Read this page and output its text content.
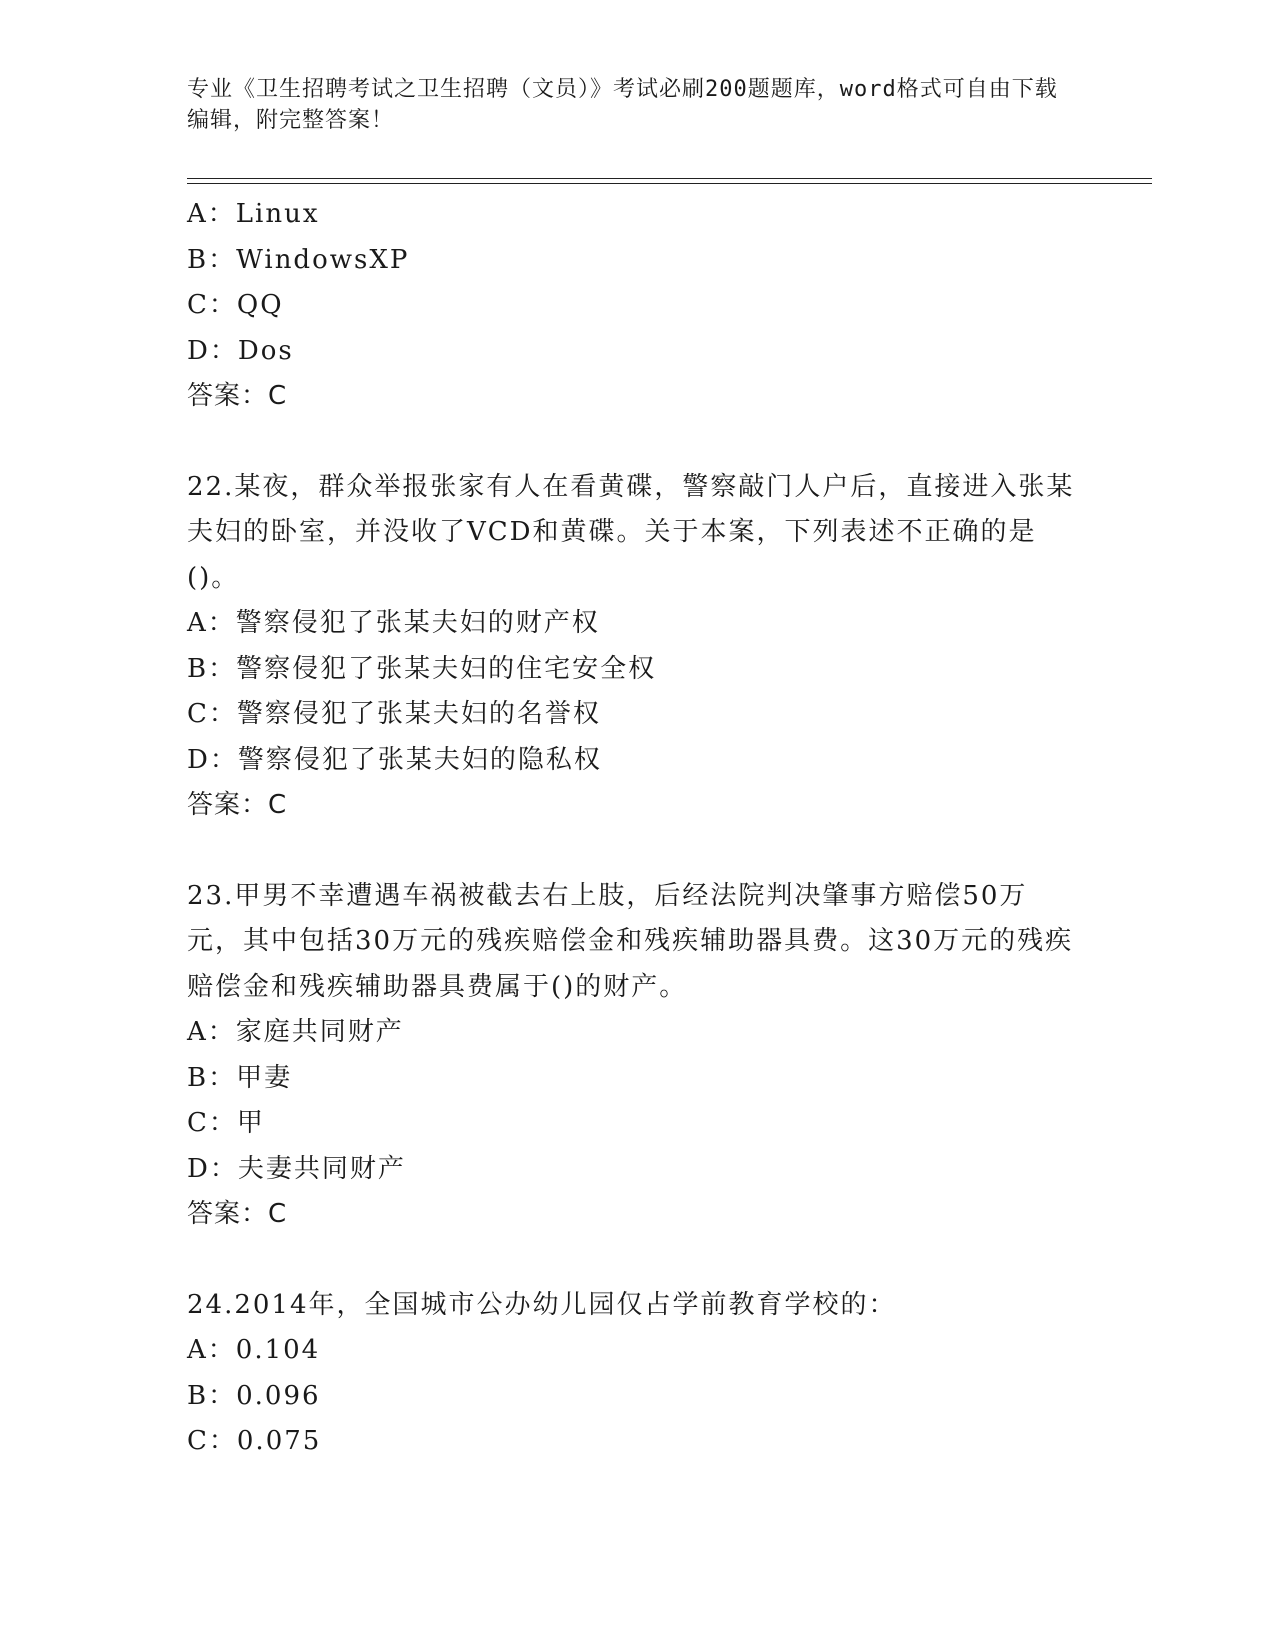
专业《卫生招聘考试之卫生招聘（文员）》考试必刷200题题库，word格式可自由下载编辑，附完整答案！
A：Linux
B：WindowsXP
C：QQ
D：Dos
答案：C
22.某夜，群众举报张家有人在看黄碟，警察敲门人户后，直接进入张某夫妇的卧室，并没收了VCD和黄碟。关于本案，下列表述不正确的是()。
A：警察侵犯了张某夫妇的财产权
B：警察侵犯了张某夫妇的住宅安全权
C：警察侵犯了张某夫妇的名誉权
D：警察侵犯了张某夫妇的隐私权
答案：C
23.甲男不幸遭遇车祸被截去右上肢，后经法院判决肇事方赔偿50万元，其中包括30万元的残疾赔偿金和残疾辅助器具费。这30万元的残疾赔偿金和残疾辅助器具费属于()的财产。
A：家庭共同财产
B：甲妻
C：甲
D：夫妻共同财产
答案：C
24.2014年，全国城市公办幼儿园仅占学前教育学校的：
A：0.104
B：0.096
C：0.075
